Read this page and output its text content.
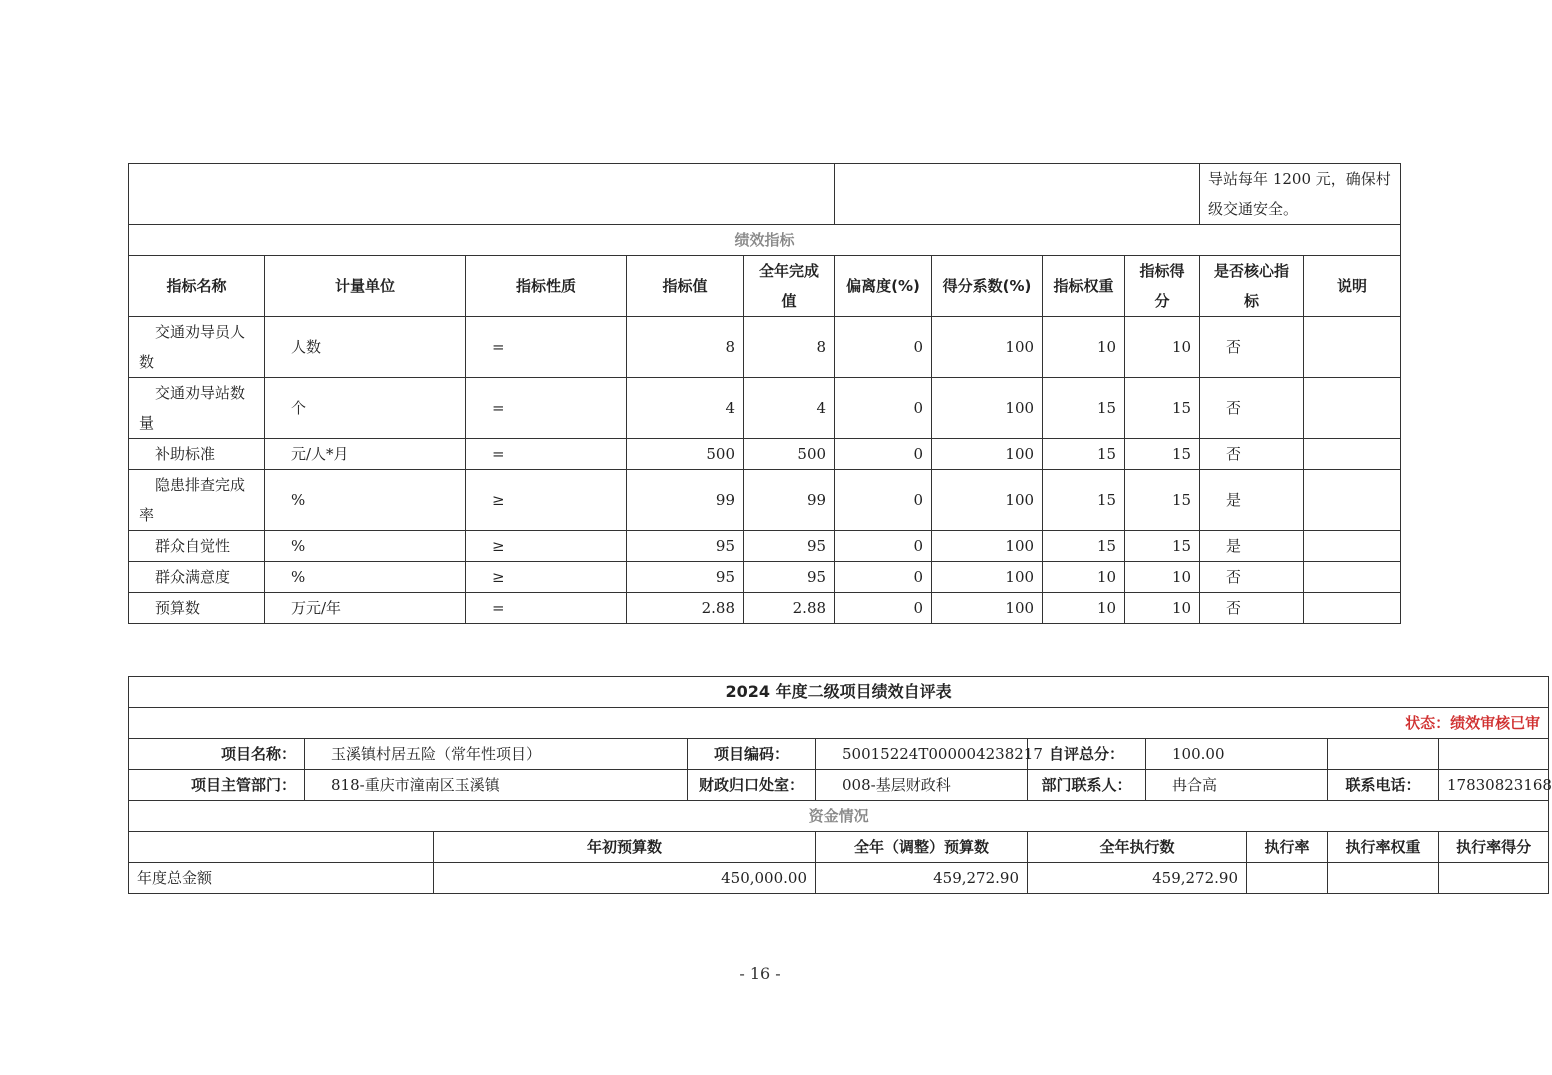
									导站每年 1200 元，确保村级交通安全。	
绩效指标										
指标名称	计量单位	指标性质	指标值	全年完成值	偏离度(%)	得分系数(%)	指标权重	指标得分	是否核心指标	说明
交通劝导员人数	人数	=	8	8	0	100	10	10	否	
交通劝导站数量	个	=	4	4	0	100	15	15	否	
补助标准	元/人*月	=	500	500	0	100	15	15	否	
隐患排查完成率	%	≥	99	99	0	100	15	15	是	
群众自觉性	%	≥	95	95	0	100	15	15	是	
群众满意度	%	≥	95	95	0	100	10	10	否	
预算数	万元/年	=	2.88	2.88	0	100	10	10	否	
2024 年度二级项目绩效自评表									
状态：绩效审核已审									
项目名称：	玉溪镇村居五险（常年性项目）		项目编码：	50015224T000004238217	自评总分：	100.00			
项目主管部门：	818-重庆市潼南区玉溪镇		财政归口处室：	008-基层财政科	部门联系人：	冉合高		联系电话：	17830823168
资金情况									
		年初预算数		全年（调整）预算数	全年执行数		执行率	执行率权重	执行率得分
年度总金额		450,000.00		459,272.90	459,272.90				
- 16 -
